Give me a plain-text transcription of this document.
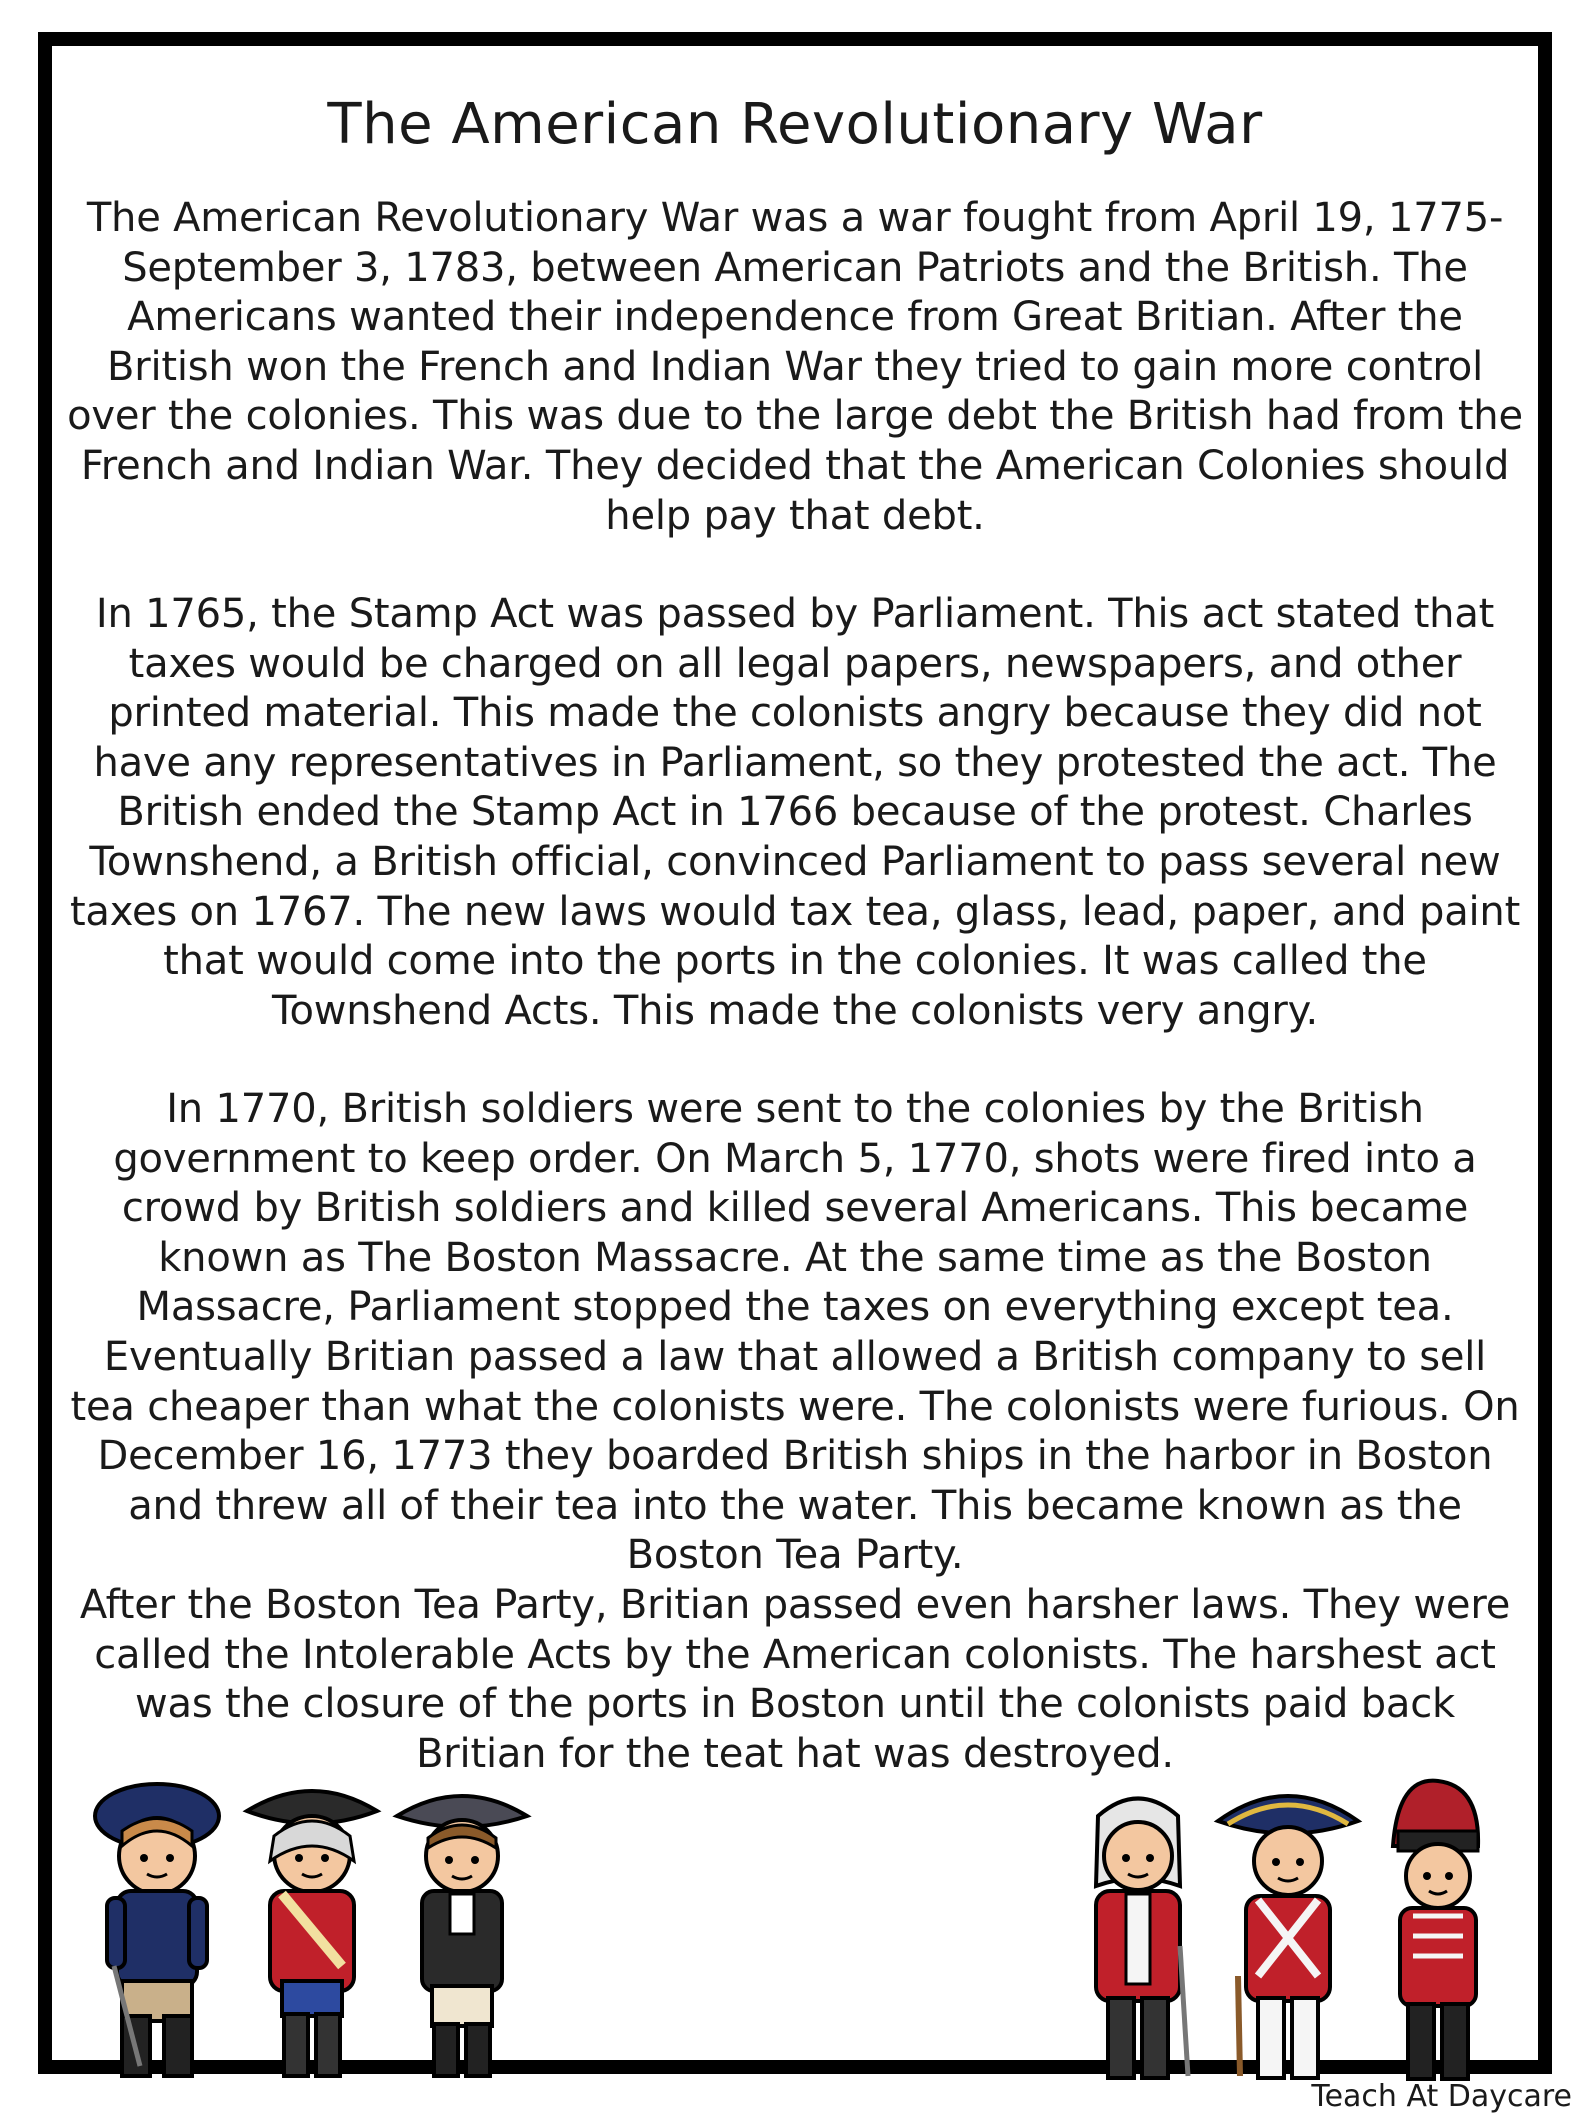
The American Revolutionary War

The American Revolutionary War was a war fought from April 19, 1775-September 3, 1783, between American Patriots and the British. The Americans wanted their independence from Great Britian. After the British won the French and Indian War they tried to gain more control over the colonies. This was due to the large debt the British had from the French and Indian War. They decided that the American Colonies should help pay that debt.

In 1765, the Stamp Act was passed by Parliament. This act stated that taxes would be charged on all legal papers, newspapers, and other printed material. This made the colonists angry because they did not have any representatives in Parliament, so they protested the act. The British ended the Stamp Act in 1766 because of the protest. Charles Townshend, a British official, convinced Parliament to pass several new taxes on 1767. The new laws would tax tea, glass, lead, paper, and paint that would come into the ports in the colonies. It was called the Townshend Acts. This made the colonists very angry.

In 1770, British soldiers were sent to the colonies by the British government to keep order. On March 5, 1770, shots were fired into a crowd by British soldiers and killed several Americans. This became known as The Boston Massacre. At the same time as the Boston Massacre, Parliament stopped the taxes on everything except tea. Eventually Britian passed a law that allowed a British company to sell tea cheaper than what the colonists were. The colonists were furious. On December 16, 1773 they boarded British ships in the harbor in Boston and threw all of their tea into the water. This became known as the Boston Tea Party.

After the Boston Tea Party, Britian passed even harsher laws. They were called the Intolerable Acts by the American colonists. The harshest act was the closure of the ports in Boston until the colonists paid back Britian for the teat hat was destroyed.

Teach At Daycare
